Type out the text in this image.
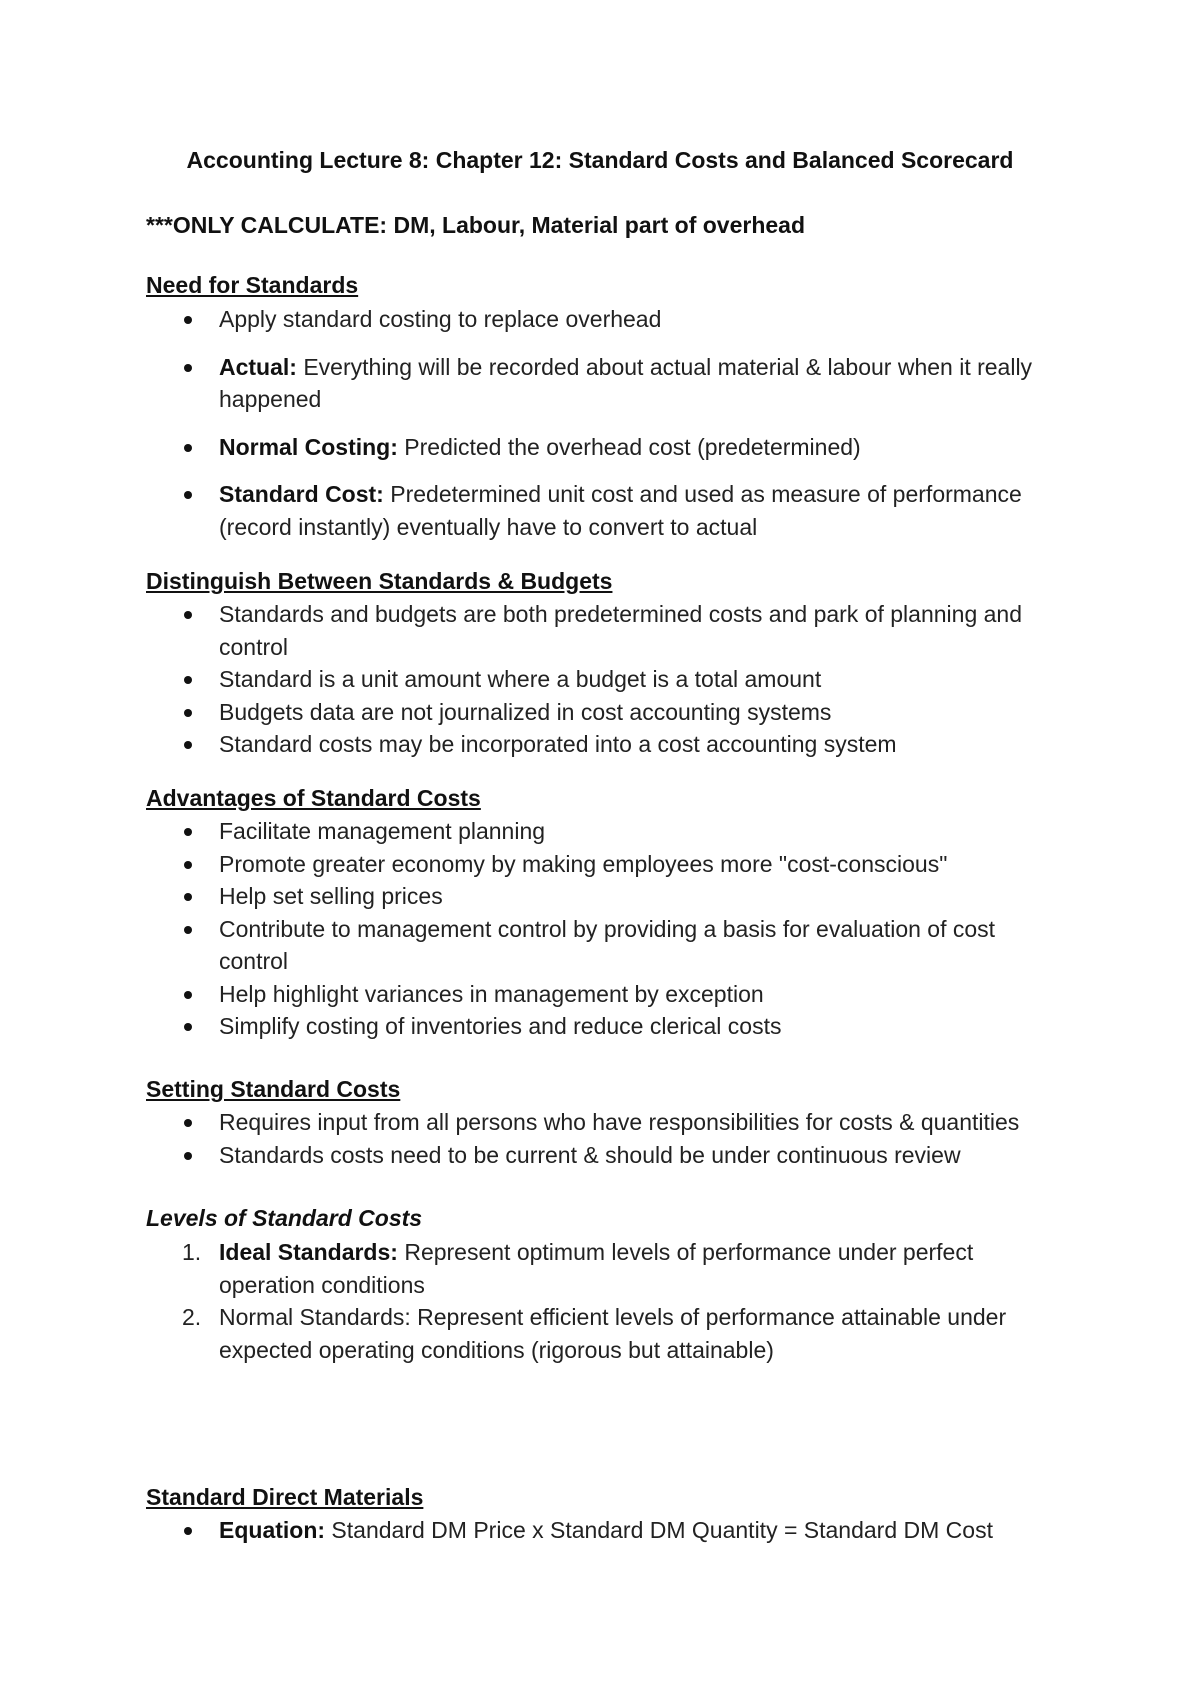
Accounting Lecture 8: Chapter 12: Standard Costs and Balanced Scorecard
***ONLY CALCULATE: DM, Labour, Material part of overhead
Need for Standards
Apply standard costing to replace overhead
Actual: Everything will be recorded about actual material & labour when it really happened
Normal Costing: Predicted the overhead cost (predetermined)
Standard Cost: Predetermined unit cost and used as measure of performance (record instantly) eventually have to convert to actual
Distinguish Between Standards & Budgets
Standards and budgets are both predetermined costs and park of planning and control
Standard is a unit amount where a budget is a total amount
Budgets data are not journalized in cost accounting systems
Standard costs may be incorporated into a cost accounting system
Advantages of Standard Costs
Facilitate management planning
Promote greater economy by making employees more "cost-conscious"
Help set selling prices
Contribute to management control by providing a basis for evaluation of cost control
Help highlight variances in management by exception
Simplify costing of inventories and reduce clerical costs
Setting Standard Costs
Requires input from all persons who have responsibilities for costs & quantities
Standards costs need to be current & should be under continuous review
Levels of Standard Costs
1. Ideal Standards: Represent optimum levels of performance under perfect operation conditions
2. Normal Standards: Represent efficient levels of performance attainable under expected operating conditions (rigorous but attainable)
Standard Direct Materials
Equation: Standard DM Price x Standard DM Quantity = Standard DM Cost
